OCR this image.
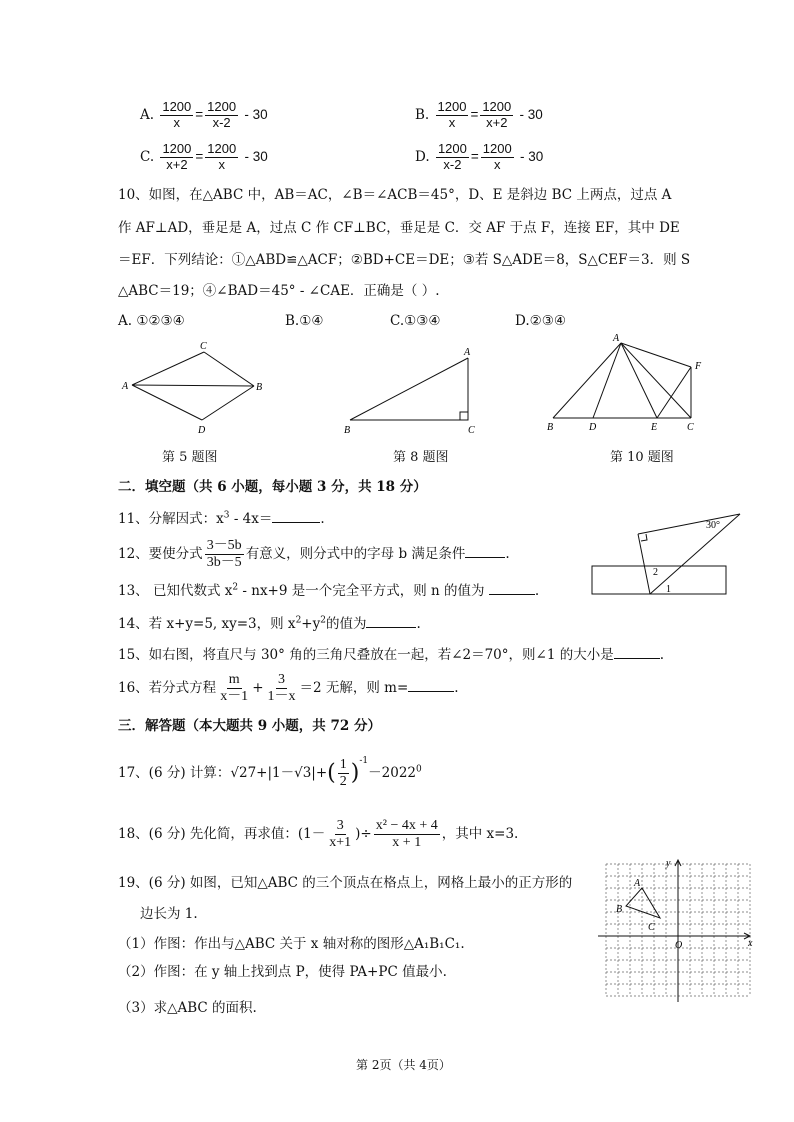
A. $\frac{1200}{x} = \frac{1200}{x-2} - 30$	B. $\frac{1200}{x} = \frac{1200}{x+2} - 30$
C. $\frac{1200}{x+2} = \frac{1200}{x} - 30$	D. $\frac{1200}{x-2} = \frac{1200}{x} - 30$
10、如图，在△ABC 中，AB＝AC，∠B＝∠ACB＝45°，D、E 是斜边 BC 上两点，过点 A
作 AF⊥AD，垂足是 A，过点 C 作 CF⊥BC，垂足是 C．交 AF 于点 F，连接 EF，其中 DE
＝EF．下列结论：①△ABD≌△ACF；②BD+CE＝DE；③若 S△ADE＝8，S△CEF＝3．则 S
△ABC＝19；④∠BAD＝45° - ∠CAE．正确是（ ）.
A. ①②③④	B.①④	C.①③④	D.②③④
A
C
B
D
第 5 题图
A
B	C
第 8 题图
A
B	D	E	C
F
第 10 题图
二．填空题（共 6 小题，每小题 3 分，共 18 分）
11、分解因式：$x^3 - 4x=$	.
12、要使分式 $\frac{3-5b}{3b-5}$ 有意义，则分式中的字母 b 满足条件	.
13、 已知代数式 $x^2 - nx+9$ 是一个完全平方式，则 n 的值为	.
30°
2
1
14、若 x+y=5, xy=3，则 $x^2+y^2$的值为	.
15、如右图，将直尺与 30° 角的三角尺叠放在一起，若∠2＝70°，则∠1 的大小是	.
16、若分式方程 $\frac{m}{x-1} + \frac{3}{1-x} =2$ 无解，则 m=	.
三．解答题（本大题共 9 小题，共 72 分）
17、(6 分) 计算：$√27+|1-√3|+( \frac{1}{2} )^{-1}-2022^0$
18、(6 分) 先化简，再求值：($1- \frac{3}{x+1}$ )÷ $\frac{\text{x² − 4x + 4}}{x + 1}$ ，其中 x=3.
19、(6 分) 如图，已知△ABC 的三个顶点在格点上，网格上最小的正方形的
边长为 1.
（1）作图：作出与△ABC 关于 x 轴对称的图形△A₁B₁C₁.
（2）作图：在 y 轴上找到点 P，使得 PA+PC 值最小.
（3）求△ABC 的面积.
A
B
C
O	x
y
第 2页（共 4页）
